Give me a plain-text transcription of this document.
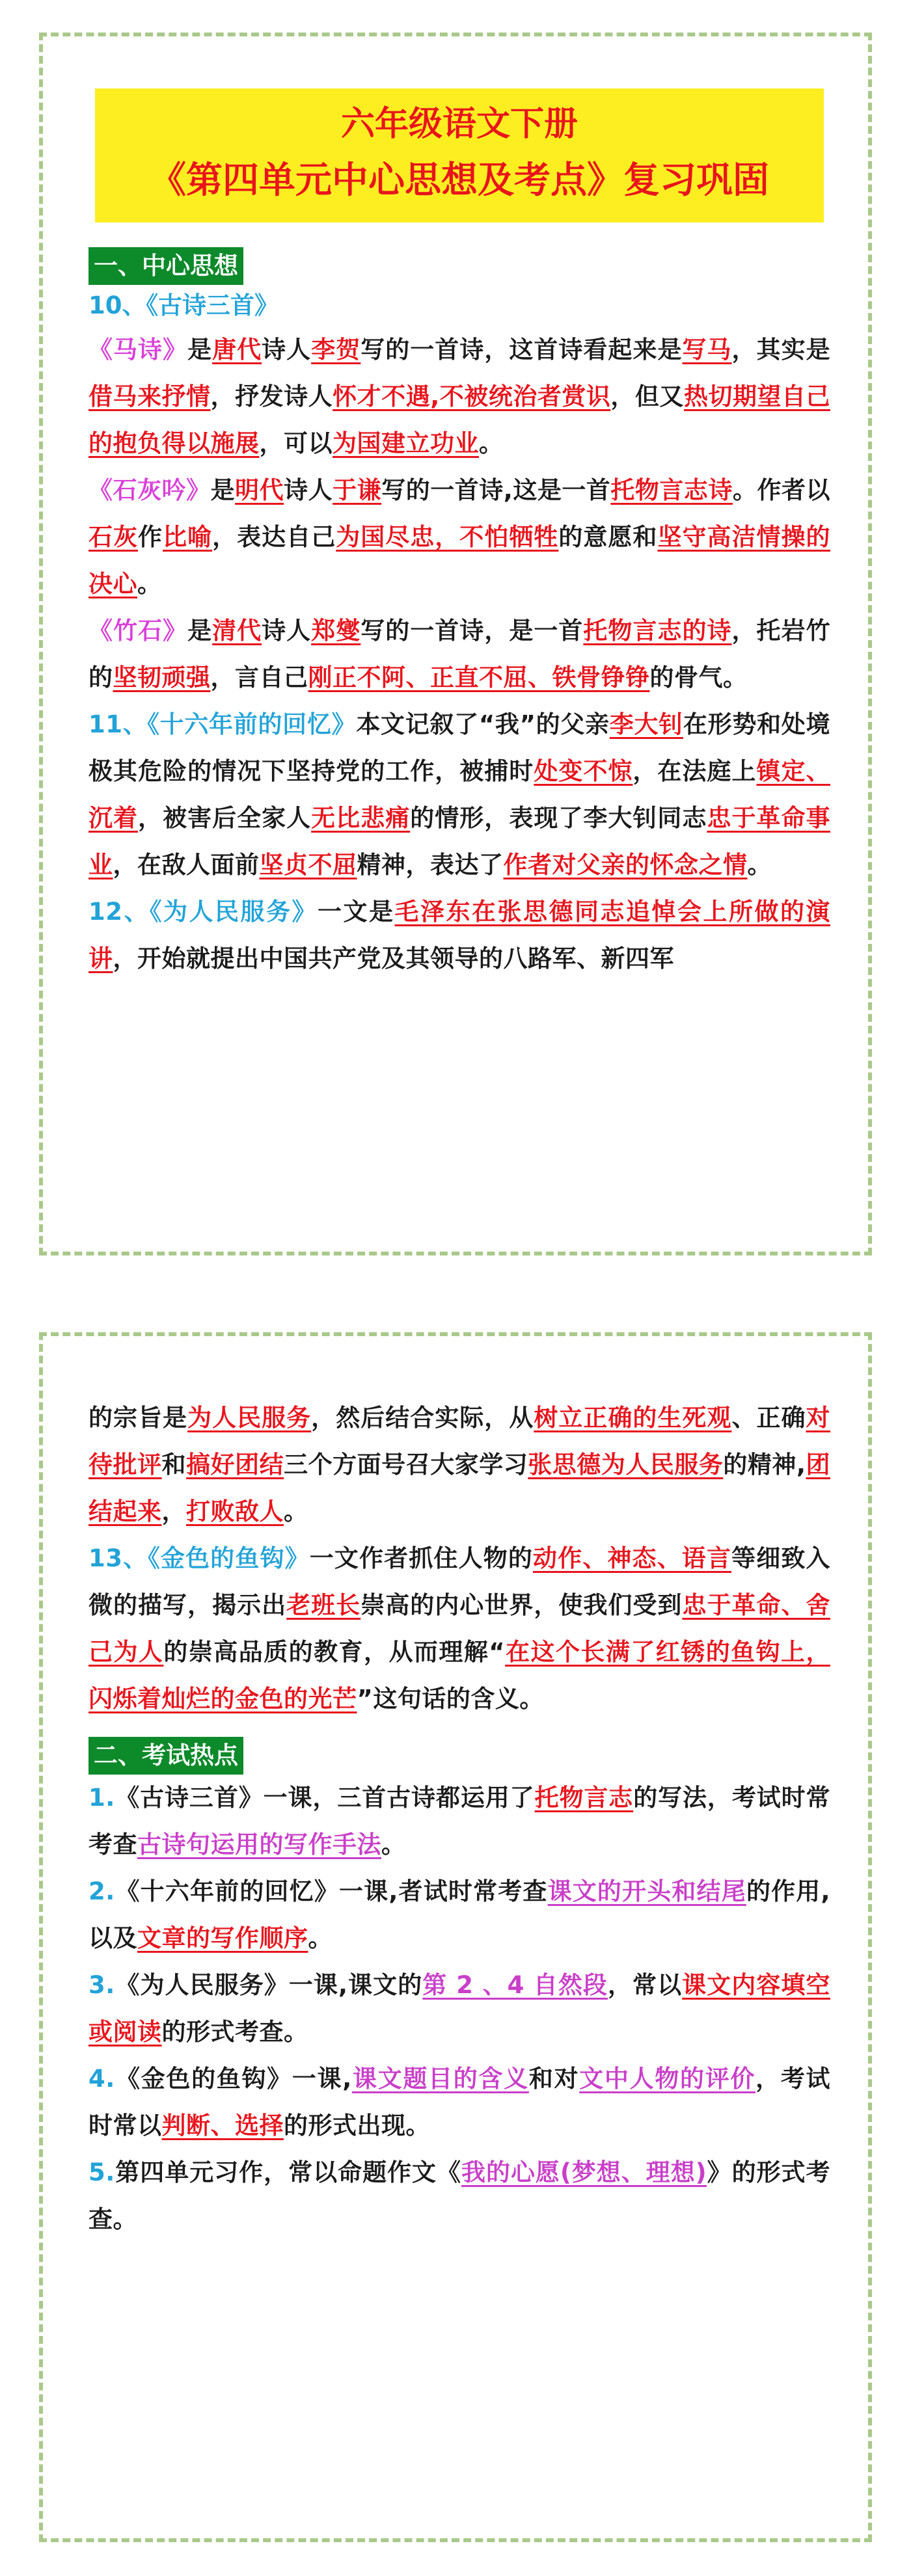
六年级语文下册
《第四单元中心思想及考点》复习巩固
一、中心思想
10、《古诗三首》

《马诗》是唐代诗人李贺写的一首诗，这首诗看起来是写马，其实是借马来抒情，抒发诗人怀才不遇,不被统治者赏识，但又热切期望自己的抱负得以施展，可以为国建立功业。

《石灰吟》是明代诗人于谦写的一首诗,这是一首托物言志诗。作者以石灰作比喻，表达自己为国尽忠，不怕牺牲的意愿和坚守高洁情操的决心。

《竹石》是清代诗人郑燮写的一首诗，是一首托物言志的诗，托岩竹的坚韧顽强，言自己刚正不阿、正直不屈、铁骨铮铮的骨气。

11、《十六年前的回忆》本文记叙了“我”的父亲李大钊在形势和处境极其危险的情况下坚持党的工作，被捕时处变不惊，在法庭上镇定、沉着，被害后全家人无比悲痛的情形，表现了李大钊同志忠于革命事业，在敌人面前坚贞不屈精神，表达了作者对父亲的怀念之情。

12、《为人民服务》一文是毛泽东在张思德同志追悼会上所做的演讲，开始就提出中国共产党及其领导的八路军、新四军

的宗旨是为人民服务，然后结合实际，从树立正确的生死观、正确对待批评和搞好团结三个方面号召大家学习张思德为人民服务的精神,团结起来，打败敌人。

13、《金色的鱼钩》一文作者抓住人物的动作、神态、语言等细致入微的描写，揭示出老班长崇高的内心世界，使我们受到忠于革命、舍己为人的崇高品质的教育，从而理解“在这个长满了红锈的鱼钩上，闪烁着灿烂的金色的光芒”这句话的含义。

二、考试热点

1.《古诗三首》一课，三首古诗都运用了托物言志的写法，考试时常考查古诗句运用的写作手法。

2.《十六年前的回忆》一课,者试时常考查课文的开头和结尾的作用,以及文章的写作顺序。

3.《为人民服务》一课,课文的第 2 、4 自然段，常以课文内容填空或阅读的形式考查。

4.《金色的鱼钩》一课,课文题目的含义和对文中人物的评价，考试时常以判断、选择的形式出现。

5.第四单元习作，常以命题作文《我的心愿(梦想、理想)》的形式考查。
